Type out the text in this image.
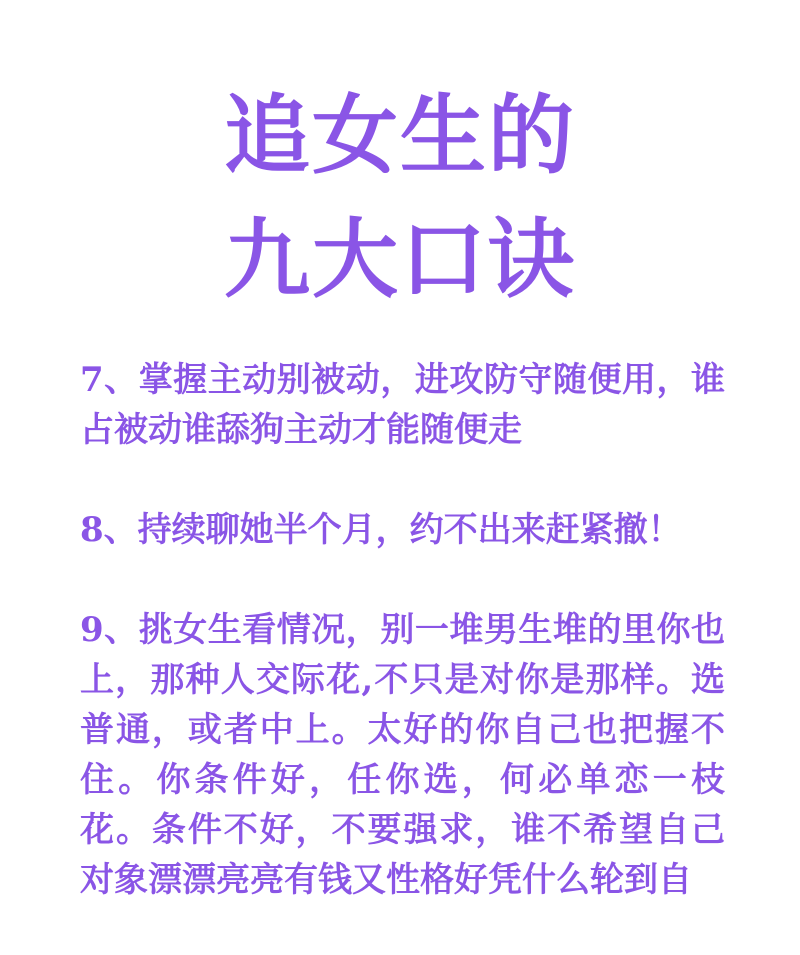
追女生的
九大口诀

7、掌握主动别被动，进攻防守随便用，谁占被动谁舔狗主动才能随便走

8、持续聊她半个月，约不出来赶紧撤！

9、挑女生看情况，别一堆男生堆的里你也上，那种人交际花,不只是对你是那样。选普通，或者中上。太好的你自己也把握不住。你条件好，任你选，何必单恋一枝花。条件不好，不要强求，谁不希望自己对象漂漂亮亮有钱又性格好凭什么轮到自
